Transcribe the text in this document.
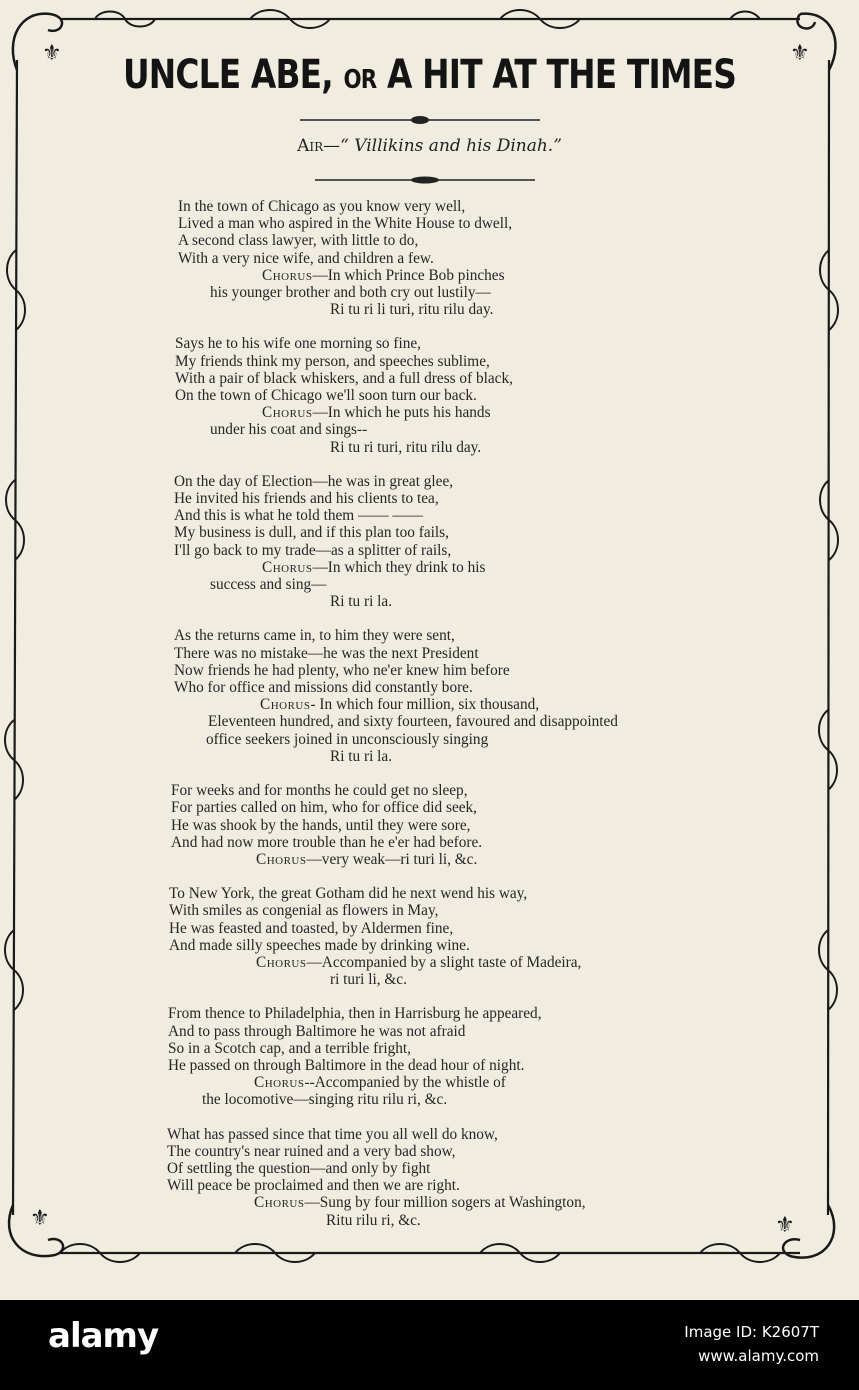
⚜	⚜
⚜	⚜
UNCLE ABE, OR A HIT AT THE TIMES
Air—“ Villikins and his Dinah.”
In the town of Chicago as you know very well,
Lived a man who aspired in the White House to dwell,
A second class lawyer, with little to do,
With a very nice wife, and children a few.
Chorus—In which Prince Bob pinches
his younger brother and both cry out lustily—
Ri tu ri li turi, ritu rilu day.
Says he to his wife one morning so fine,
My friends think my person, and speeches sublime,
With a pair of black whiskers, and a full dress of black,
On the town of Chicago we'll soon turn our back.
Chorus—In which he puts his hands
under his coat and sings--
Ri tu ri turi, ritu rilu day.
On the day of Election—he was in great glee,
He invited his friends and his clients to tea,
And this is what he told them —— ——
My business is dull, and if this plan too fails,
I'll go back to my trade—as a splitter of rails,
Chorus—In which they drink to his
success and sing—
Ri tu ri la.
As the returns came in, to him they were sent,
There was no mistake—he was the next President
Now friends he had plenty, who ne'er knew him before
Who for office and missions did constantly bore.
Chorus- In which four million, six thousand,
Eleventeen hundred, and sixty fourteen, favoured and disappointed
office seekers joined in unconsciously singing
Ri tu ri la.
For weeks and for months he could get no sleep,
For parties called on him, who for office did seek,
He was shook by the hands, until they were sore,
And had now more trouble than he e'er had before.
Chorus—very weak—ri turi li, &c.
To New York, the great Gotham did he next wend his way,
With smiles as congenial as flowers in May,
He was feasted and toasted, by Aldermen fine,
And made silly speeches made by drinking wine.
Chorus—Accompanied by a slight taste of Madeira,
ri turi li, &c.
From thence to Philadelphia, then in Harrisburg he appeared,
And to pass through Baltimore he was not afraid
So in a Scotch cap, and a terrible fright,
He passed on through Baltimore in the dead hour of night.
Chorus--Accompanied by the whistle of
the locomotive—singing ritu rilu ri, &c.
What has passed since that time you all well do know,
The country's near ruined and a very bad show,
Of settling the question—and only by fight
Will peace be proclaimed and then we are right.
Chorus—Sung by four million sogers at Washington,
Ritu rilu ri, &c.
alamy	Image ID: K2607T
www.alamy.com
